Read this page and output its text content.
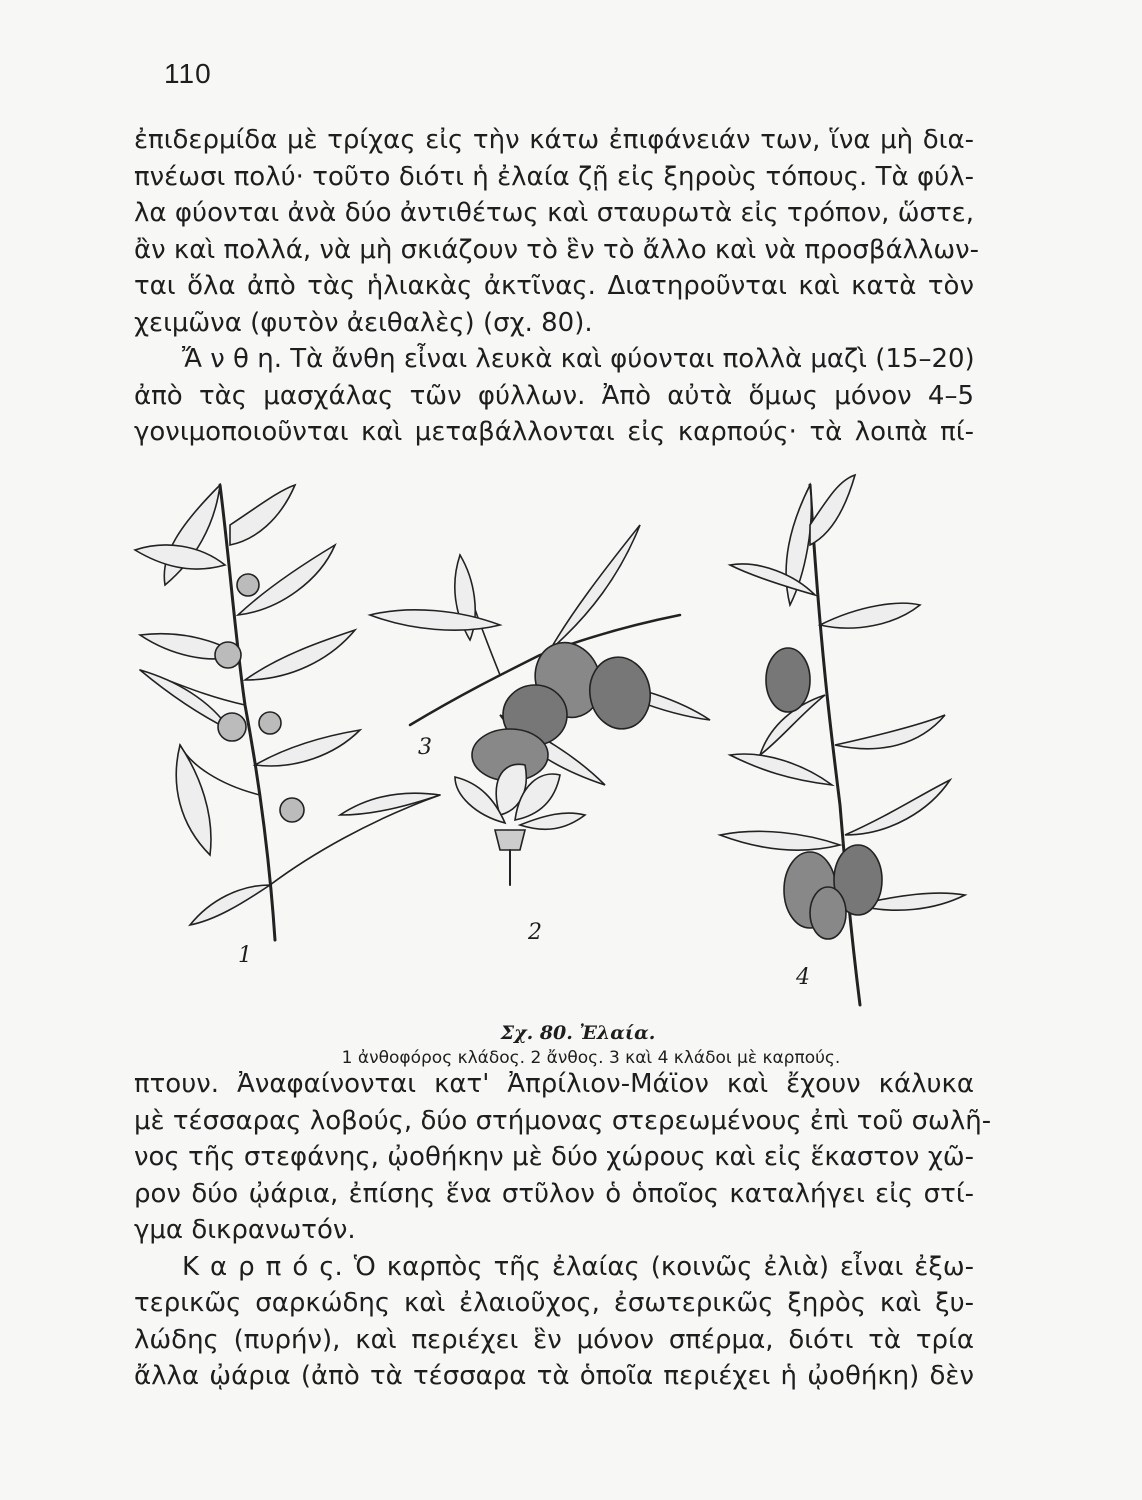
110
ἐπιδερμίδα μὲ τρίχας εἰς τὴν κάτω ἐπιφάνειάν των, ἵνα μὴ δια-
πνέωσι πολύ· τοῦτο διότι ἡ ἐλαία ζῇ εἰς ξηροὺς τόπους. Τὰ φύλ-
λα φύονται ἀνὰ δύο ἀντιθέτως καὶ σταυρωτὰ εἰς τρόπον, ὥστε,
ἂν καὶ πολλά, νὰ μὴ σκιάζουν τὸ ἓν τὸ ἄλλο καὶ νὰ προσβάλλων-
ται ὅλα ἀπὸ τὰς ἡλιακὰς ἀκτῖνας. Διατηροῦνται καὶ κατὰ τὸν
χειμῶνα (φυτὸν ἀειθαλὲς) (σχ. 80).
Ἄ ν θ η. Τὰ ἄνθη εἶναι λευκὰ καὶ φύονται πολλὰ μαζὶ (15–20)
ἀπὸ τὰς μασχάλας τῶν φύλλων. Ἀπὸ αὐτὰ ὅμως μόνον 4–5
γονιμοποιοῦνται καὶ μεταβάλλονται εἰς καρπούς· τὰ λοιπὰ πί-
1
2
3
4
Σχ. 80. Ἐλαία.
1 ἀνθοφόρος κλάδος. 2 ἄνθος. 3 καὶ 4 κλάδοι μὲ καρπούς.
πτουν. Ἀναφαίνονται κατ' Ἀπρίλιον-Μάϊον καὶ ἔχουν κάλυκα
μὲ τέσσαρας λοβούς, δύο στήμονας στερεωμένους ἐπὶ τοῦ σωλῆ-
νος τῆς στεφάνης, ᾠοθήκην μὲ δύο χώρους καὶ εἰς ἕκαστον χῶ-
ρον δύο ᾠάρια, ἐπίσης ἕνα στῦλον ὁ ὁποῖος καταλήγει εἰς στί-
γμα δικρανωτόν.
Κ α ρ π ό ς. Ὁ καρπὸς τῆς ἐλαίας (κοινῶς ἐλιὰ) εἶναι ἐξω-
τερικῶς σαρκώδης καὶ ἐλαιοῦχος, ἐσωτερικῶς ξηρὸς καὶ ξυ-
λώδης (πυρήν), καὶ περιέχει ἓν μόνον σπέρμα, διότι τὰ τρία
ἄλλα ᾠάρια (ἀπὸ τὰ τέσσαρα τὰ ὁποῖα περιέχει ἡ ᾠοθήκη) δὲν
